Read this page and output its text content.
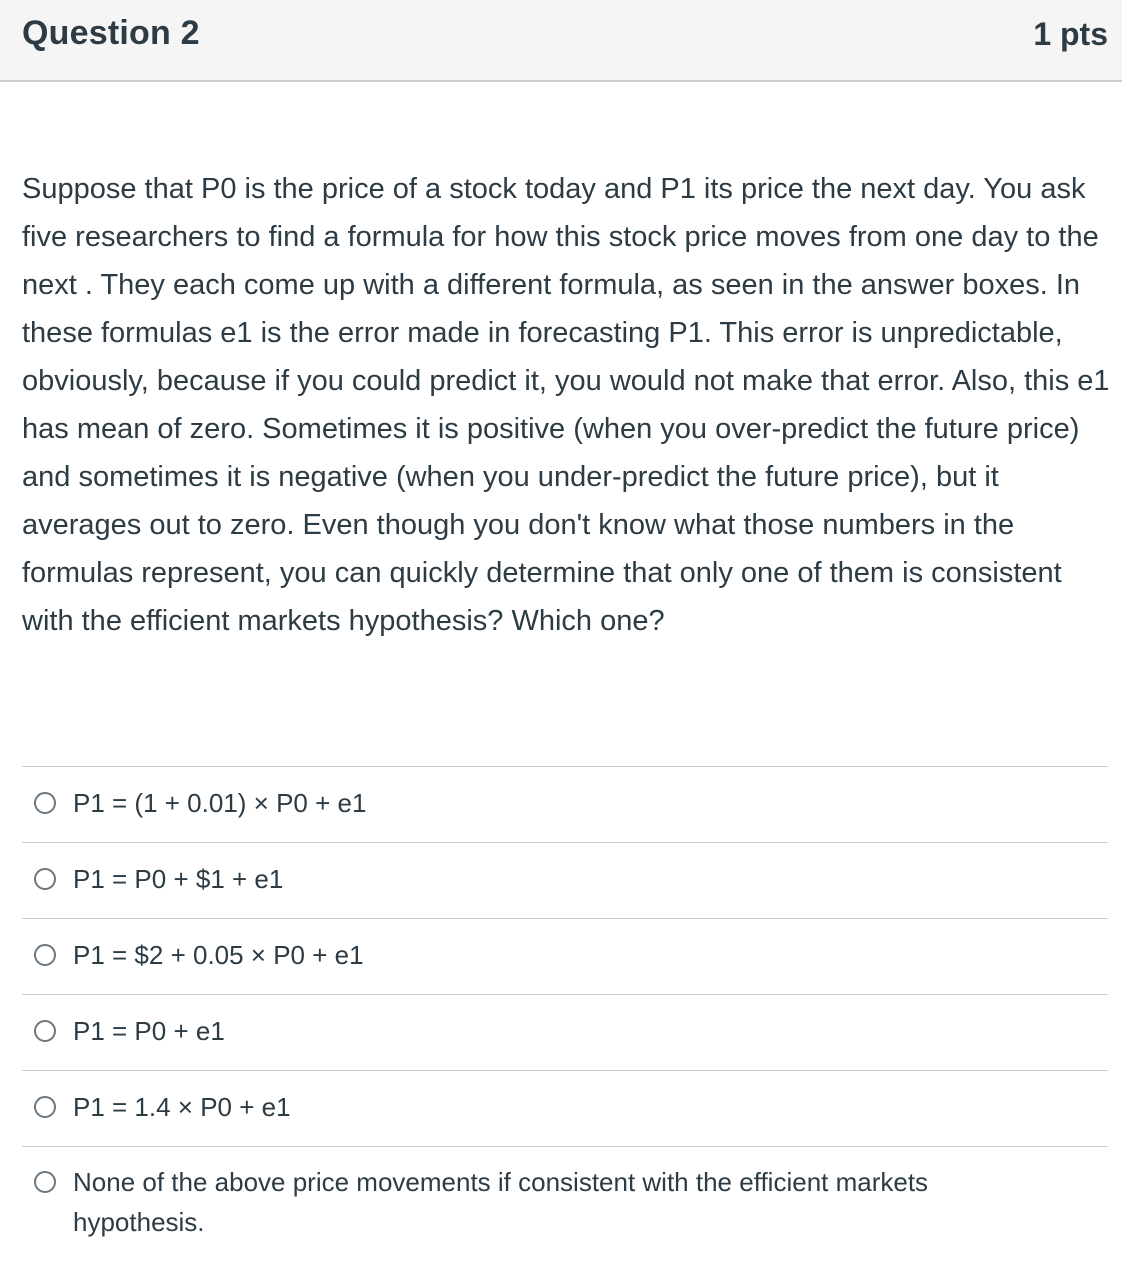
Question 2	1 pts
Suppose that P0 is the price of a stock today and P1 its price the next day. You ask five researchers to find a formula for how this stock price moves from one day to the next . They each come up with a different formula, as seen in the answer boxes. In these formulas e1 is the error made in forecasting P1. This error is unpredictable, obviously, because if you could predict it, you would not make that error. Also, this e1 has mean of zero. Sometimes it is positive (when you over-predict the future price) and sometimes it is negative (when you under-predict the future price), but it averages out to zero. Even though you don't know what those numbers in the formulas represent, you can quickly determine that only one of them is consistent with the efficient markets hypothesis? Which one?
P1 = (1 + 0.01) × P0 + e1
P1 = P0 + $1 + e1
P1 = $2 + 0.05 × P0 + e1
P1 = P0 + e1
P1 = 1.4 × P0 + e1
None of the above price movements if consistent with the efficient markets hypothesis.
